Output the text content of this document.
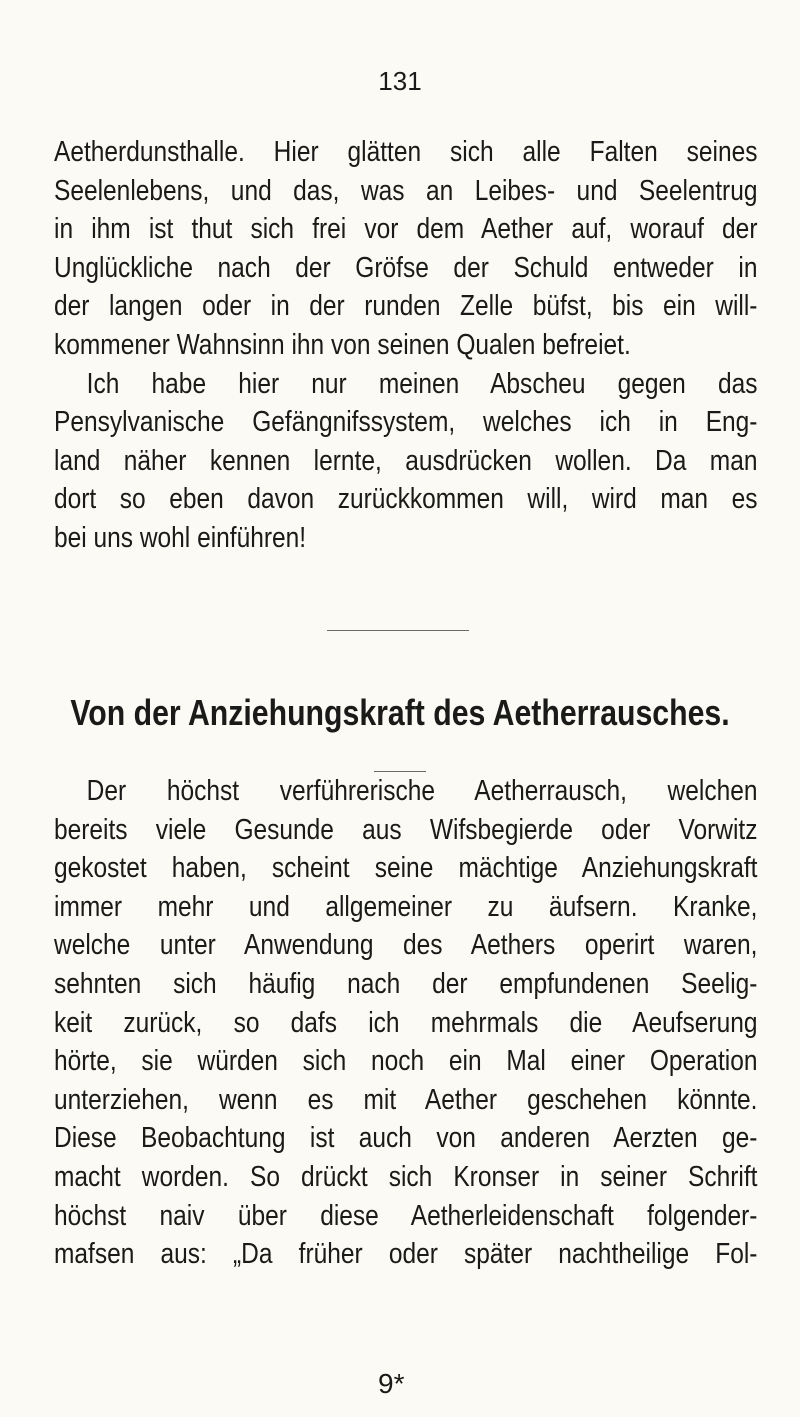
131
Aetherdunsthalle. Hier glätten sich alle Falten seines
Seelenlebens, und das, was an Leibes- und Seelentrug
in ihm ist thut sich frei vor dem Aether auf, worauf der
Unglückliche nach der Gröfse der Schuld entweder in
der langen oder in der runden Zelle büfst, bis ein will-
kommener Wahnsinn ihn von seinen Qualen befreiet.
Ich habe hier nur meinen Abscheu gegen das
Pensylvanische Gefängnifssystem, welches ich in Eng-
land näher kennen lernte, ausdrücken wollen. Da man
dort so eben davon zurückkommen will, wird man es
bei uns wohl einführen!
Von der Anziehungskraft des Aetherrausches.
Der höchst verführerische Aetherrausch, welchen
bereits viele Gesunde aus Wifsbegierde oder Vorwitz
gekostet haben, scheint seine mächtige Anziehungskraft
immer mehr und allgemeiner zu äufsern. Kranke,
welche unter Anwendung des Aethers operirt waren,
sehnten sich häufig nach der empfundenen Seelig-
keit zurück, so dafs ich mehrmals die Aeufserung
hörte, sie würden sich noch ein Mal einer Operation
unterziehen, wenn es mit Aether geschehen könnte.
Diese Beobachtung ist auch von anderen Aerzten ge-
macht worden. So drückt sich Kronser in seiner Schrift
höchst naiv über diese Aetherleidenschaft folgender-
mafsen aus: „Da früher oder später nachtheilige Fol-
9*
